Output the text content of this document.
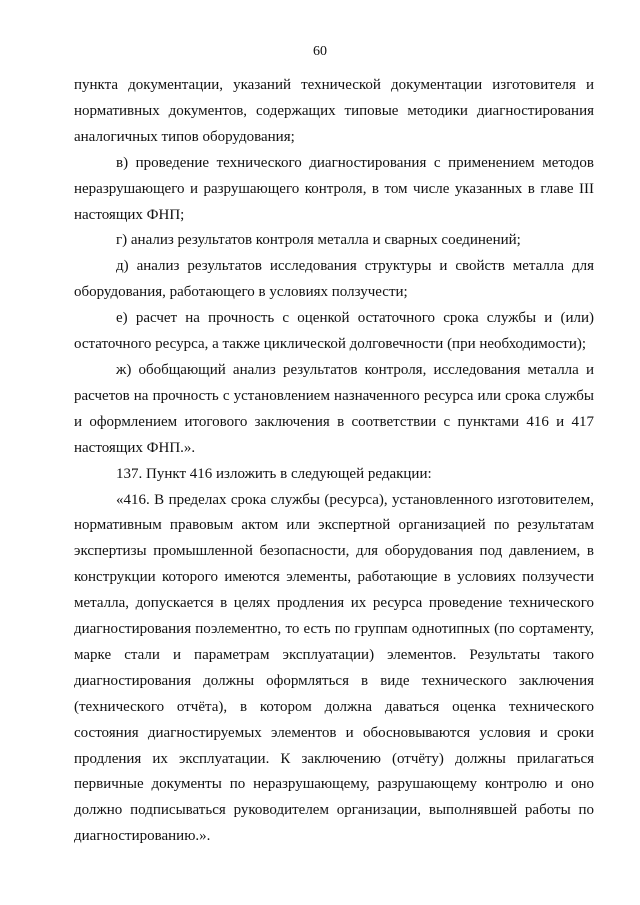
60

пункта документации, указаний технической документации изготовителя и нормативных документов, содержащих типовые методики диагностирования аналогичных типов оборудования;

в) проведение технического диагностирования с применением методов неразрушающего и разрушающего контроля, в том числе указанных в главе III настоящих ФНП;

г) анализ результатов контроля металла и сварных соединений;

д) анализ результатов исследования структуры и свойств металла для оборудования, работающего в условиях ползучести;

е) расчет на прочность с оценкой остаточного срока службы и (или) остаточного ресурса, а также циклической долговечности (при необходимости);

ж) обобщающий анализ результатов контроля, исследования металла и расчетов на прочность с установлением назначенного ресурса или срока службы и оформлением итогового заключения в соответствии с пунктами 416 и 417 настоящих ФНП.».

137. Пункт 416 изложить в следующей редакции:

«416. В пределах срока службы (ресурса), установленного изготовителем, нормативным правовым актом или экспертной организацией по результатам экспертизы промышленной безопасности, для оборудования под давлением, в конструкции которого имеются элементы, работающие в условиях ползучести металла, допускается в целях продления их ресурса проведение технического диагностирования поэлементно, то есть по группам однотипных (по сортаменту, марке стали и параметрам эксплуатации) элементов. Результаты такого диагностирования должны оформляться в виде технического заключения (технического отчёта), в котором должна даваться оценка технического состояния диагностируемых элементов и обосновываются условия и сроки продления их эксплуатации. К заключению (отчёту) должны прилагаться первичные документы по неразрушающему, разрушающему контролю и оно должно подписываться руководителем организации, выполнявшей работы по диагностированию.».
